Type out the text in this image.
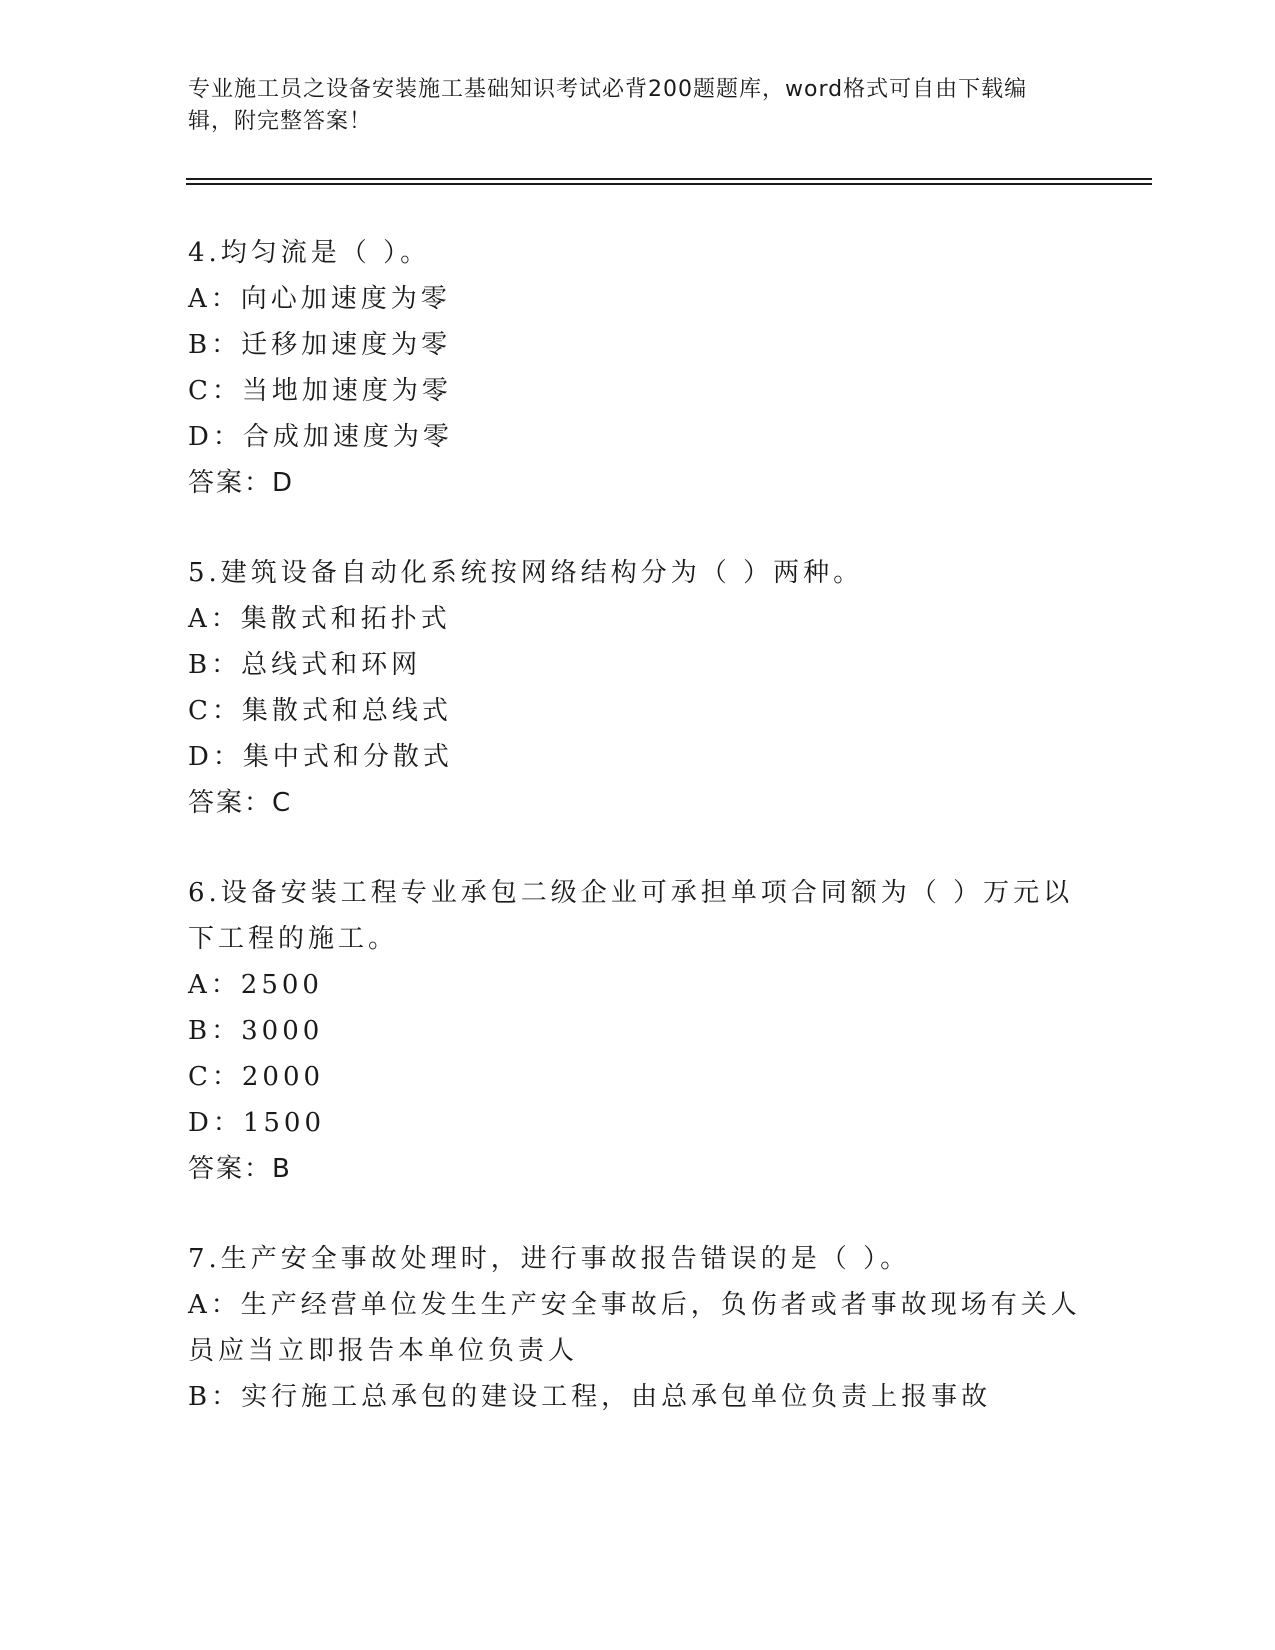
专业施工员之设备安装施工基础知识考试必背200题题库，word格式可自由下载编辑，附完整答案！
4.均匀流是（ ）。
A：向心加速度为零
B：迁移加速度为零
C：当地加速度为零
D：合成加速度为零
答案：D
5.建筑设备自动化系统按网络结构分为（ ）两种。
A：集散式和拓扑式
B：总线式和环网
C：集散式和总线式
D：集中式和分散式
答案：C
6.设备安装工程专业承包二级企业可承担单项合同额为（ ）万元以下工程的施工。
A：2500
B：3000
C：2000
D：1500
答案：B
7.生产安全事故处理时，进行事故报告错误的是（ ）。
A：生产经营单位发生生产安全事故后，负伤者或者事故现场有关人员应当立即报告本单位负责人
B：实行施工总承包的建设工程，由总承包单位负责上报事故
